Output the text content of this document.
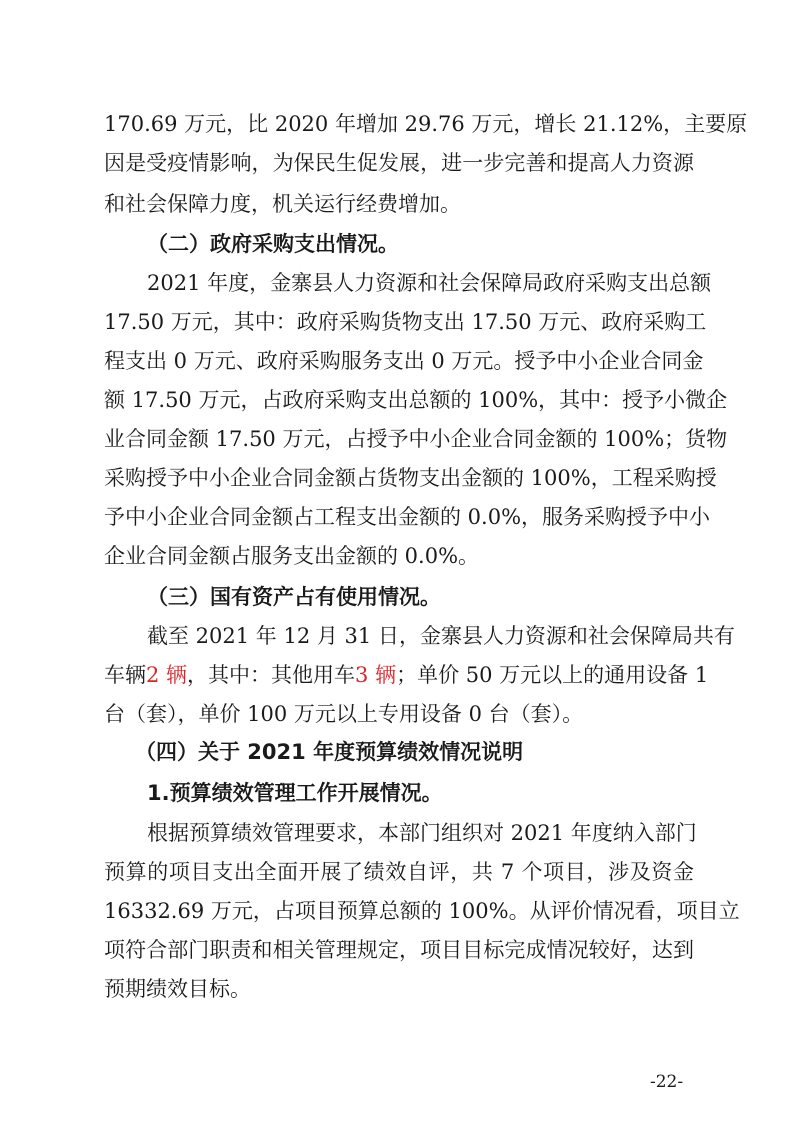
170.69 万元，比 2020 年增加 29.76 万元，增长 21.12%，主要原
因是受疫情影响，为保民生促发展，进一步完善和提高人力资源
和社会保障力度，机关运行经费增加。
（二）政府采购支出情况。
2021 年度，金寨县人力资源和社会保障局政府采购支出总额
17.50 万元，其中：政府采购货物支出 17.50 万元、政府采购工
程支出 0 万元、政府采购服务支出 0 万元。授予中小企业合同金
额 17.50 万元，占政府采购支出总额的 100%，其中：授予小微企
业合同金额 17.50 万元，占授予中小企业合同金额的 100%；货物
采购授予中小企业合同金额占货物支出金额的 100%，工程采购授
予中小企业合同金额占工程支出金额的 0.0%，服务采购授予中小
企业合同金额占服务支出金额的 0.0%。
（三）国有资产占有使用情况。
截至 2021 年 12 月 31 日，金寨县人力资源和社会保障局共有
车辆2 辆，其中：其他用车3 辆；单价 50 万元以上的通用设备 1
台（套），单价 100 万元以上专用设备 0 台（套）。
（四）关于 2021 年度预算绩效情况说明
1.预算绩效管理工作开展情况。
根据预算绩效管理要求，本部门组织对 2021 年度纳入部门
预算的项目支出全面开展了绩效自评，共 7 个项目，涉及资金
16332.69 万元，占项目预算总额的 100%。从评价情况看，项目立
项符合部门职责和相关管理规定，项目目标完成情况较好，达到
预期绩效目标。
-22-
